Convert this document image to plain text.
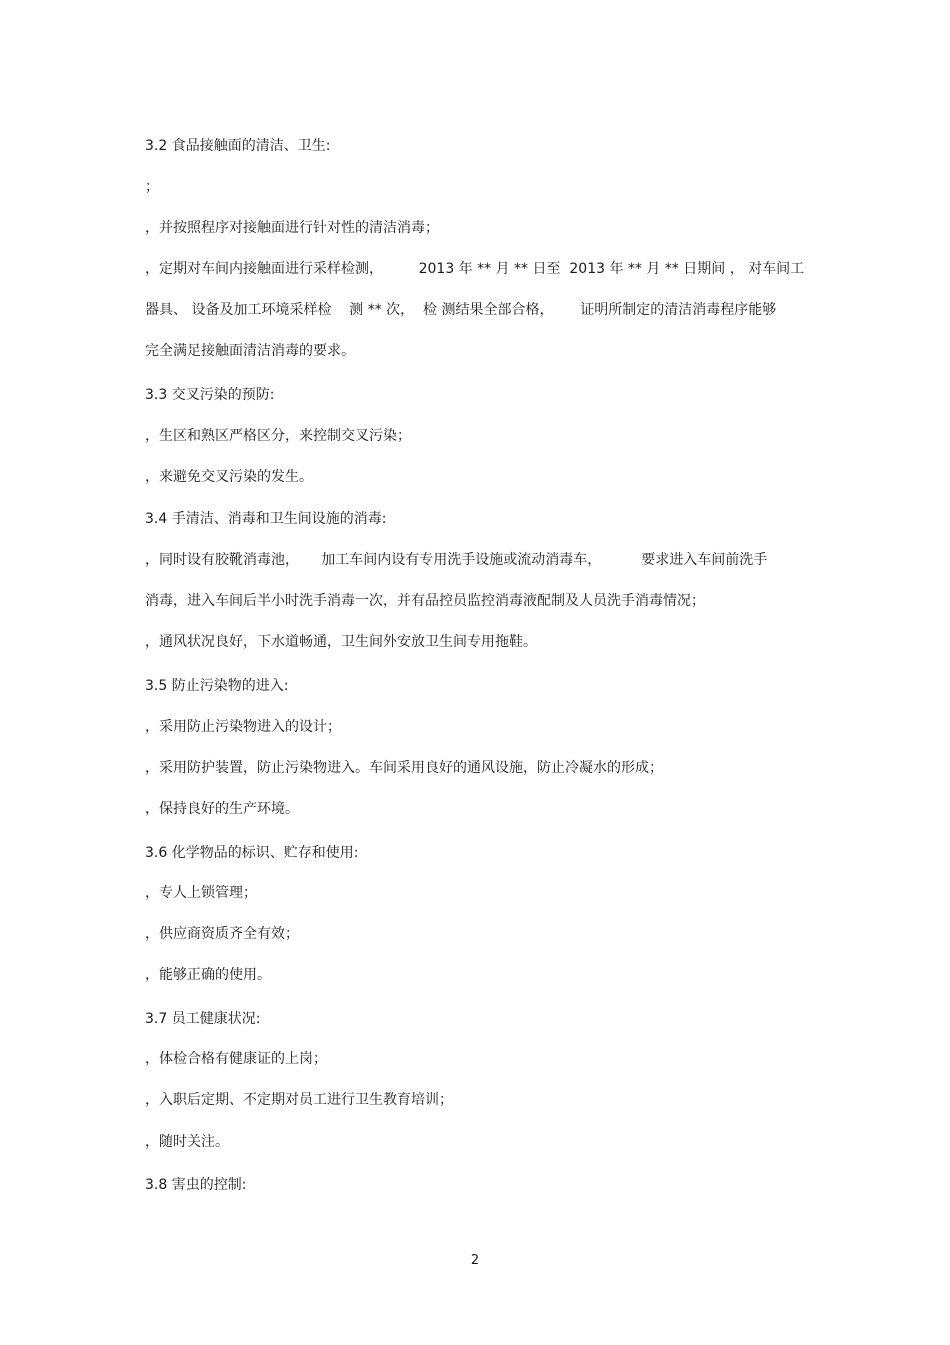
3.2 食品接触面的清洁、卫生:
；
，并按照程序对接触面进行针对性的清洁消毒；
，定期对车间内接触面进行采样检测，        2013 年 ** 月 ** 日至  2013 年 ** 月 ** 日期间 ， 对车间工
器具、 设备及加工环境采样检    测 ** 次，  检 测结果全部合格，      证明所制定的清洁消毒程序能够
完全满足接触面清洁消毒的要求。
3.3 交叉污染的预防:
，生区和熟区严格区分，来控制交叉污染；
，来避免交叉污染的发生。
3.4 手清洁、消毒和卫生间设施的消毒:
，同时设有胶靴消毒池，     加工车间内设有专用洗手设施或流动消毒车，         要求进入车间前洗手
消毒，进入车间后半小时洗手消毒一次，并有品控员监控消毒液配制及人员洗手消毒情况；
，通风状况良好，下水道畅通，卫生间外安放卫生间专用拖鞋。
3.5 防止污染物的进入:
，采用防止污染物进入的设计；
，采用防护装置，防止污染物进入。车间采用良好的通风设施，防止冷凝水的形成；
，保持良好的生产环境。
3.6 化学物品的标识、贮存和使用:
，专人上锁管理；
，供应商资质齐全有效；
，能够正确的使用。
3.7 员工健康状况:
，体检合格有健康证的上岗；
，入职后定期、不定期对员工进行卫生教育培训；
，随时关注。
3.8 害虫的控制:
2
